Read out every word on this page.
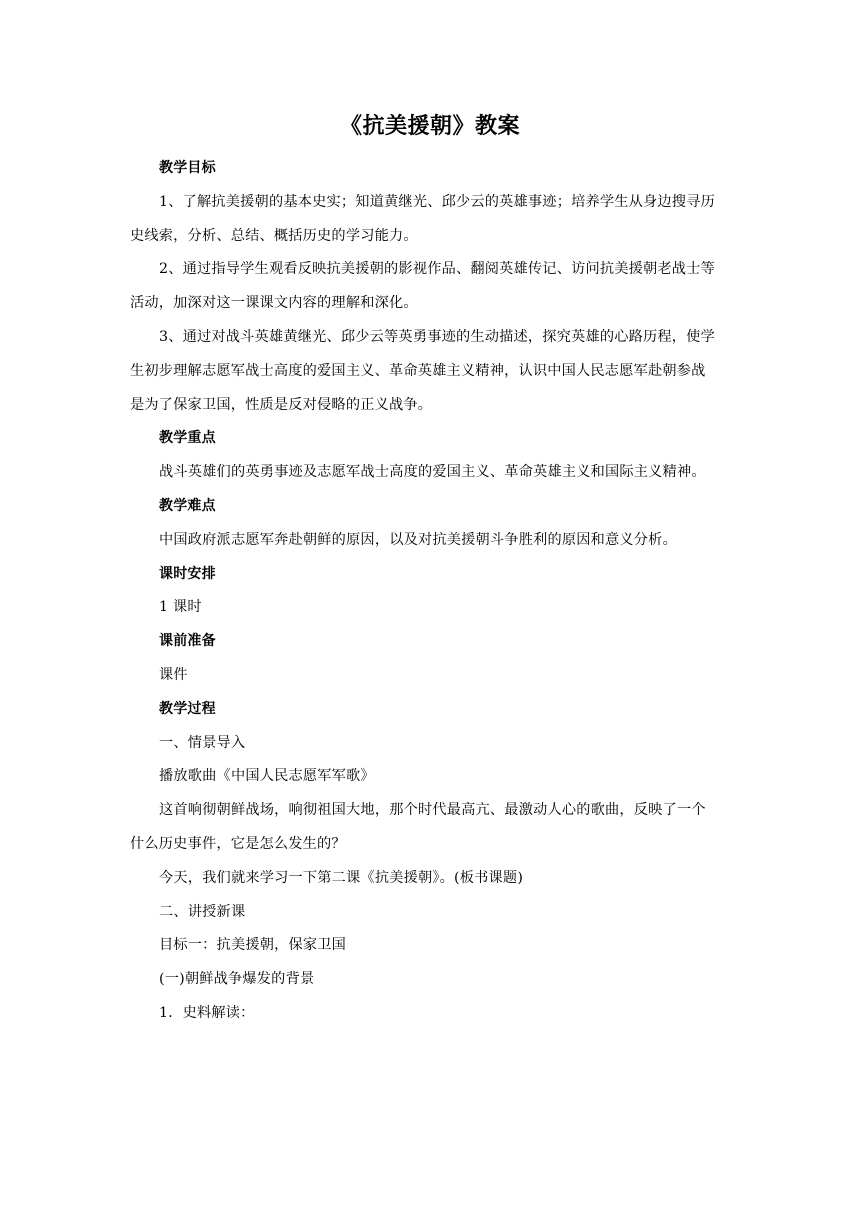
《抗美援朝》教案
教学目标
1、了解抗美援朝的基本史实；知道黄继光、邱少云的英雄事迹；培养学生从身边搜寻历
史线索，分析、总结、概括历史的学习能力。
2、通过指导学生观看反映抗美援朝的影视作品、翻阅英雄传记、访问抗美援朝老战士等
活动，加深对这一课课文内容的理解和深化。
3、通过对战斗英雄黄继光、邱少云等英勇事迹的生动描述，探究英雄的心路历程，使学
生初步理解志愿军战士高度的爱国主义、革命英雄主义精神，认识中国人民志愿军赴朝参战
是为了保家卫国，性质是反对侵略的正义战争。
教学重点
战斗英雄们的英勇事迹及志愿军战士高度的爱国主义、革命英雄主义和国际主义精神。
教学难点
中国政府派志愿军奔赴朝鲜的原因，以及对抗美援朝斗争胜利的原因和意义分析。
课时安排
1 课时
课前准备
课件
教学过程
一、情景导入
播放歌曲《中国人民志愿军军歌》
这首响彻朝鲜战场，响彻祖国大地，那个时代最高亢、最激动人心的歌曲，反映了一个
什么历史事件，它是怎么发生的？
今天，我们就来学习一下第二课《抗美援朝》。(板书课题)
二、讲授新课
目标一：抗美援朝，保家卫国
(一)朝鲜战争爆发的背景
1．史料解读：
